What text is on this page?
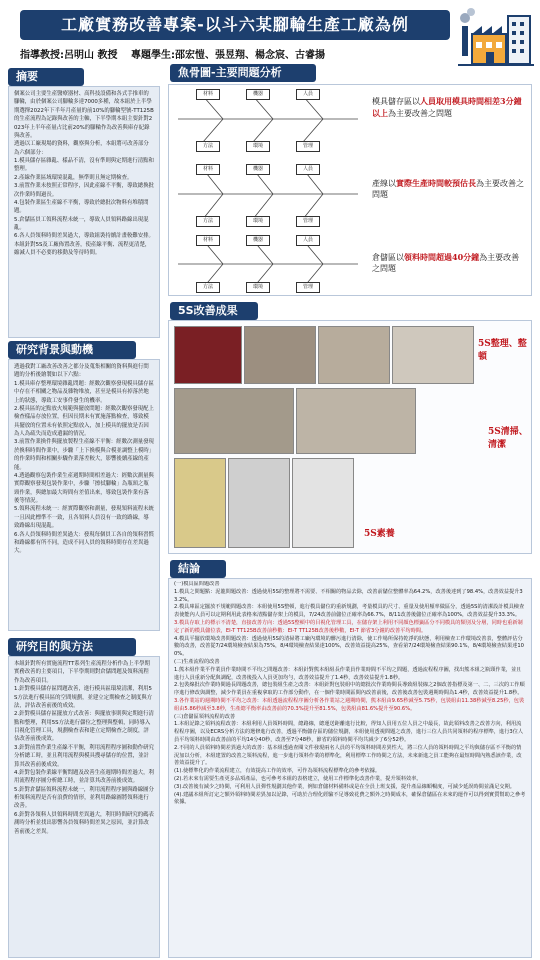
工廠實務改善專案-以斗六某腳輪生產工廠為例
指導教授:呂明山 教授　 專題學生:邵宏愷、張昱翔、楊念宸、古睿揚
摘要

個案公司主要生產醫療器材、高科技設備和各式手推車的腳輪，由於個案公司腳輪多達7000多種，故本組於上半學期選擇2022年下半年月產量的前10%的腳輪型號-TT125B的生產流程為記錄與改善的主軸，下半學期本組主要針對2023年上半年產量占比前20%的腳輪作為改善與庫存紀錄與改善。

透過以工廠現場的資料，觀察與分析，本組將可改善部分為六個部分：

1.模具儲存區雜亂、樣品不清，沒有準則與定期進行清點和整理。

2.產線作業區域環境混亂，無準則且無定期檢查。

3.前置作業未按照正常程序，因此產線不平衡，導致總換批次作業時間過長。

4.包裝作業區生產線不平衡，導致於總批次物料有堆積問題。

5.倉儲區員工領料流程未統一，導致人員領料路線出現混亂。

6.各人員領料時間差異過大，導致組裝持續計畫較難安排。

本組針對5S及工廠佈置改善，使產線平衡、流程更清楚，縮減人員不必要的移動及等待時間。

研究背景與動機

透過我對工廠改善改善之都分及蒐集相關的資料與進行問題的分析後繪製如以下六點：

1.模具庫存整理環境雜亂問題：經數次觀察發現模具儲存區中存在不相關之物品及雜物堆放，甚至是模具有掉落於地上的狀態，導致工安事件發生的機率。

2.模具區的定點放火規範與擺放問題：經數次觀察發現配上檢查樣品存放位置，但因長期未有實施落點檢查，導致模具擺放的位置未有依照定點放入，加上模具的擺放是否因為人為疏失而造成遺漏的情況。

3.前置作業換件與擺放製程生產線不平衡：經數次測量發現於換料時間作業中，步驟「上下換模與合模並調整上模時」的作業時間和相關步驟作業落差較大，影響後續產線的產能。

4.透過觀察包裝作業生產週期時間相差過大：經數次測量與實際觀察發現包裝作業中，步驟「擦拭腳輪」為瓶頸之瓶頸作業，與總加最大時間有差值出來，導致包裝作業有落後等情況。

5.領料流程未統一：經實際觀察和測量，發現領料流程未統一且因此標準不一致，且各領料人員沒有一致的路線，導致路線出現混亂。

6.各人員領料時間差異過大：發現每個員工各自的領料習慣和路線都有所不同，造成不同人員的領料時間存在差異過大。

研究目的與方法

本組針對所有實施流程TT系列生產流程分析作為上半學期實務改善的主要項目，下半學期則對倉儲問題及領料流程作為改善項目。

1.針對模具儲存區問題改善，進行模具區環境清潔，利用5S方法進行模具區的空間規劃，並建立定期檢查之制度與方法，評估改善前後的成效。

2.針對模具儲存區擺放方式改善：與擺放事則與定期進行清點和整理，利用5S方法進行儲位之整理與整頓，同時導入目視化管理工具，規劃檢查表和建立定期檢查之制度，評估改善前後成效。

3.針對前置作業生產線不平衡，利用流程程序圖和動作研究分析總工時，並且利用流程與模具搜尋儲存的位置，並計算其改善前後成效。

4.針對包裝作業線平衡問題及改善生產週期時間差過大，利用流程程序圖分析總工時，並計算其改善前後成效。

5.針對倉儲區領料流程未統一，利用流程程序圖與路線圖分析領料流程是否有浪費的情形，並利用路線圖將領料進行改善。

6.針對各領料人員領料時間差異過大，利用時間研究的碼表測時分析並找出影響各員領料時間差異之原因，並計算改善前後之差異。

魚骨圖-主要問題分析
材料	機器	人員
方法	環境	管理
材料	機器	人員
方法	環境	管理
材料	機器	人員
方法	環境	管理
模具儲存區以人員取用模具時間相差3分鐘以上為主要改善之問題
產線以實際生產時間較預估長為主要改善之問題
倉儲區以領料時間超過40分鐘為主要改善之問題
5S改善成果
5S整理、整頓
5S清掃、清潔
5S素養
結論

(一)模具區問題改善

1.模具之問題點：泥龍問題改善：透過使用5S的整理將不需要、不相關的物品去除，改善前儲位整體率為64.2%，改善後達到了98.4%，改善效益提升33.2%。

2.模具庫區定擺放不規範問題改善：本組使用5S整頓，進行模具儲位的重新規劃，考量模具的尺寸、重量及使用頻率做區分，透過5S的清潔設計模具檢查表使能內人員可以定期利用此表格來清點儲存架上的模具，7/24改善前儲位正確率為66.7%，8/11改善後儲位正確率為100%，改善效益提升33.3%。

3.模具存取上的標示不清楚，直接改善方向：透過5S整頓中的目視化管理工具，在儲存架上利用不同顏色標籤區分不同模具的類別及分層，同時也重新制定了新的模具儲位表，EI-T TT125B改善前秒數：EI-T TT125B改善後秒數，EI-T 節省3分鐘的改善平均時間。

4.模具平擺放環境改善問題改善：透過使用5S的清掃將工廠內環境的髒污進行清除，使工作場所保持乾淨的狀態，利用檢查工作環境改善表，整體評估分數的改善，改善從7/24環境檢查結果為75%，8/4環境檢查結果達100%，改善效益提高25%，查看第7/24環境檢查結果90.1%，8/4環境檢查結果達100%。

(二)生產流程的改善

1.熊本組作業平作業員作業時間不平均之問題改善：本組針對熊本組組長作業員作業時間不平均之問題，透過流程程序圖，找出熊本組之瓶頸作業，並且進行人員重新分配與調配，改善後投入人員更加均勻，改善效益提升了1.4秒，改善效益提升1.8秒。

2.包裝線批次作業時間過長問題改善，總包裝組生產之改善：本組針對包裝組中的總批次作業時間長導致組裝線之2個改善指標及第一、二、三次的工作順序進行修改與調整，減少作業員在重複拿取的工作部分動作，在一個作業時間區間內改善前後，改善後改善包裝週期時間為1.4秒，改善效益提升1.8秒。

3.各作業站的週期時間不平均之改善：本組透過流程程序圖分析各作業站之週期時間，熊本組由9.65秒減至5.75秒，包裝組由11.38秒減至8.25秒，包裝組由5.86秒減至3.8秒，生產總平衡率由改善前的70.3%提升至81.5%，包裝組由81.6%提升至90.6%。

(三)倉儲區領料流程的改善

1.本組記錄之領料流程改善：本組利用人員領料時間，總路線，總運送距離進行比較，得知人員用五位人員之中最長，故此領料改善之改善方向，利用流程程序圖，以及ECRS分析方法的選修進行改善，透過平衡儲存區的儲位規劃，本組使用透視問題之改善，進行三位人員共同領料的程序標準，進行3位人員平均領料時間由改善前的平均14分40秒，改善至7分48秒，節省的領料時間平均共減少了6分52秒。

2.不同的人員領料時間差異過大的改善：基本組透過查閱文件發現兩名人員的平均領料時間差異性大，將三位人員的領料時間之平均與儲存區不平衡的情況加以分析，本組建置的改善之領料流程，進一步進行領料作業的標準化，利用標準工作時間之方法，未來新進之員工能夠在最短時間內熟悉該作業，改善效益提升了。

(1).使標準化的作業流程建立，有效提高工作的效率，可作為領料流程標準化的參考依據。

(2).若未來有需要生產更多品項產品，也可參考本組的表格建立，使用工作標準化改善作業，提升領料效率。

(3).改善後有減少之時間，可利用人員彈性規劃其他作業，例如倉儲材料備料或是在全員上班支援，提升產品線順暢度，可減少延誤時間並滿足交期。

(4).建議本組所訂定之額外領料時間差異加以記錄，可助於合理化經驗不足導致花費之額外之時間成本，確保倉儲區在未來的運作可以得到實質幫助之參考依據。
